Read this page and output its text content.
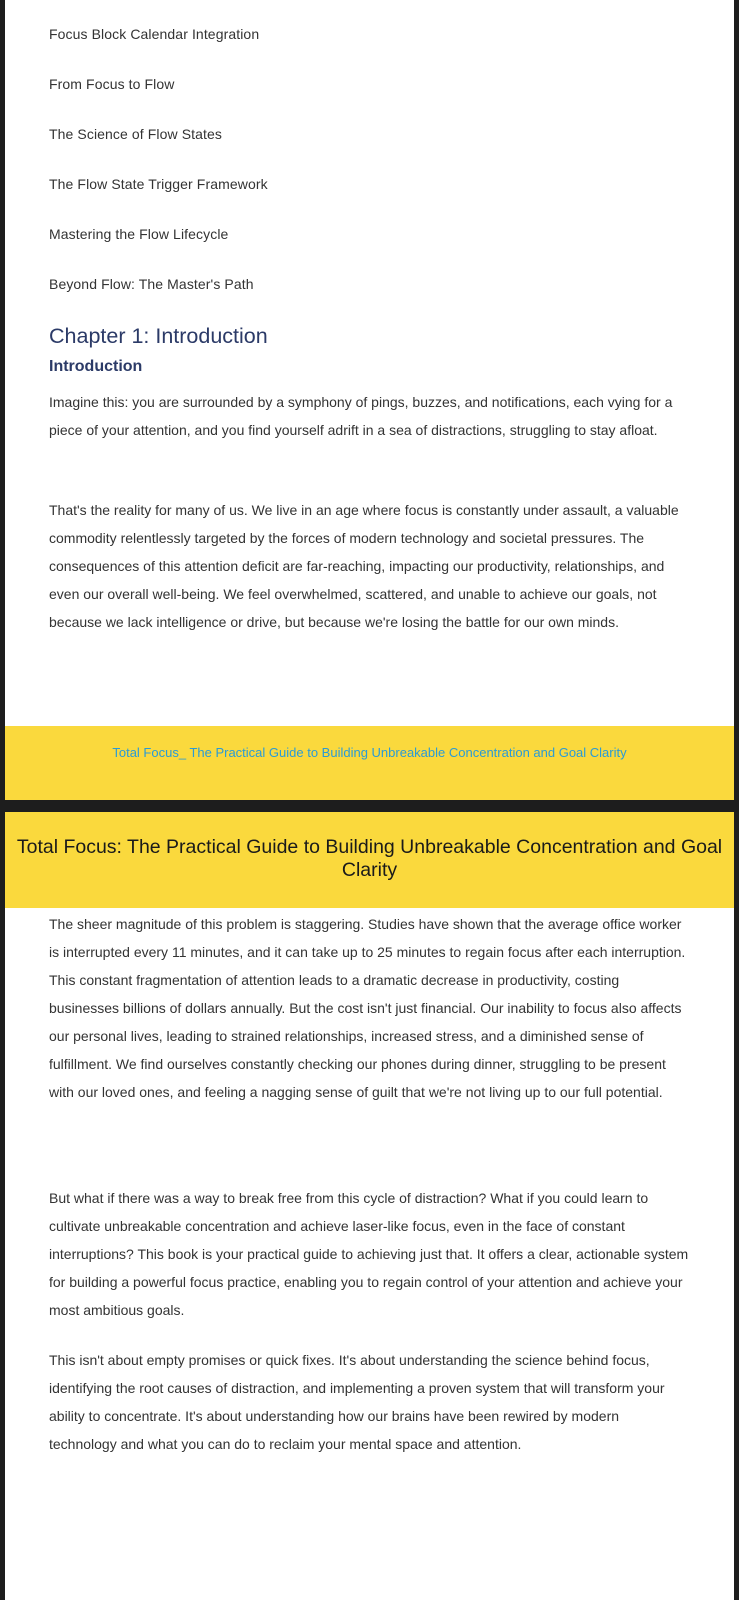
Focus Block Calendar Integration
From Focus to Flow
The Science of Flow States
The Flow State Trigger Framework
Mastering the Flow Lifecycle
Beyond Flow: The Master's Path
Chapter 1: Introduction
Introduction
Imagine this: you are surrounded by a symphony of pings, buzzes, and notifications, each vying for a piece of your attention, and you find yourself adrift in a sea of distractions, struggling to stay afloat.
That's the reality for many of us. We live in an age where focus is constantly under assault, a valuable commodity relentlessly targeted by the forces of modern technology and societal pressures. The consequences of this attention deficit are far-reaching, impacting our productivity, relationships, and even our overall well-being. We feel overwhelmed, scattered, and unable to achieve our goals, not because we lack intelligence or drive, but because we're losing the battle for our own minds.
Total Focus_ The Practical Guide to Building Unbreakable Concentration and Goal Clarity
Total Focus: The Practical Guide to Building Unbreakable Concentration and Goal Clarity
The sheer magnitude of this problem is staggering. Studies have shown that the average office worker is interrupted every 11 minutes, and it can take up to 25 minutes to regain focus after each interruption. This constant fragmentation of attention leads to a dramatic decrease in productivity, costing businesses billions of dollars annually. But the cost isn't just financial. Our inability to focus also affects our personal lives, leading to strained relationships, increased stress, and a diminished sense of fulfillment. We find ourselves constantly checking our phones during dinner, struggling to be present with our loved ones, and feeling a nagging sense of guilt that we're not living up to our full potential.
But what if there was a way to break free from this cycle of distraction? What if you could learn to cultivate unbreakable concentration and achieve laser-like focus, even in the face of constant interruptions? This book is your practical guide to achieving just that. It offers a clear, actionable system for building a powerful focus practice, enabling you to regain control of your attention and achieve your most ambitious goals.
This isn't about empty promises or quick fixes. It's about understanding the science behind focus, identifying the root causes of distraction, and implementing a proven system that will transform your ability to concentrate. It's about understanding how our brains have been rewired by modern technology and what you can do to reclaim your mental space and attention.
